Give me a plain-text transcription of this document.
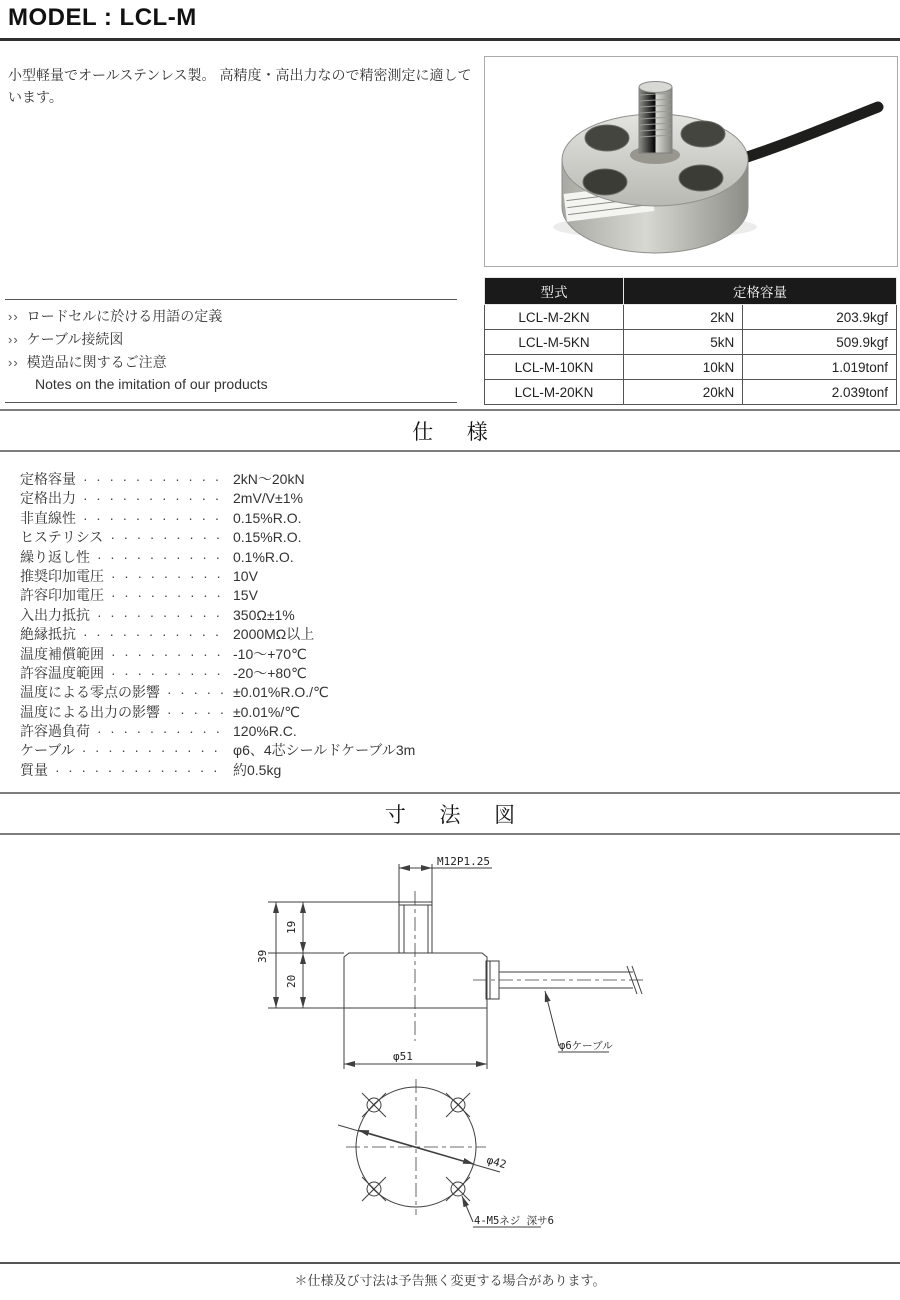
MODEL : LCL-M
小型軽量でオールステンレス製。 高精度・高出力なので精密測定に適しています。
›› ロードセルに於ける用語の定義
›› ケーブル接続図
›› 模造品に関するご注意
Notes on the imitation of our products
型式	定格容量	
LCL-M-2KN	2kN	203.9kgf
LCL-M-5KN	5kN	509.9kgf
LCL-M-10KN	10kN	1.019tonf
LCL-M-20KN	20kN	2.039tonf
仕様
定格容量 ··········· 2kN～20kN
定格出力 ··········· 2mV/V±1%
非直線性 ··········· 0.15%R.O.
ヒステリシス ········· 0.15%R.O.
繰り返し性 ·········· 0.1%R.O.
推奨印加電圧 ········· 10V
許容印加電圧 ········· 15V
入出力抵抗 ·········· 350Ω±1%
絶縁抵抗 ··········· 2000MΩ以上
温度補償範囲 ········· -10～+70℃
許容温度範囲 ········· -20～+80℃
温度による零点の影響 ····· ±0.01%R.O./℃
温度による出力の影響 ····· ±0.01%/℃
許容過負荷 ·········· 120%R.C.
ケーブル ··········· φ6、4芯シールドケーブル3m
質量 ············· 約0.5kg
寸法図
M12P1.25
39
19
20
φ51
φ6ケーブル
φ42
4-M5ネジ 深サ6
＊仕様及び寸法は予告無く変更する場合があります。
